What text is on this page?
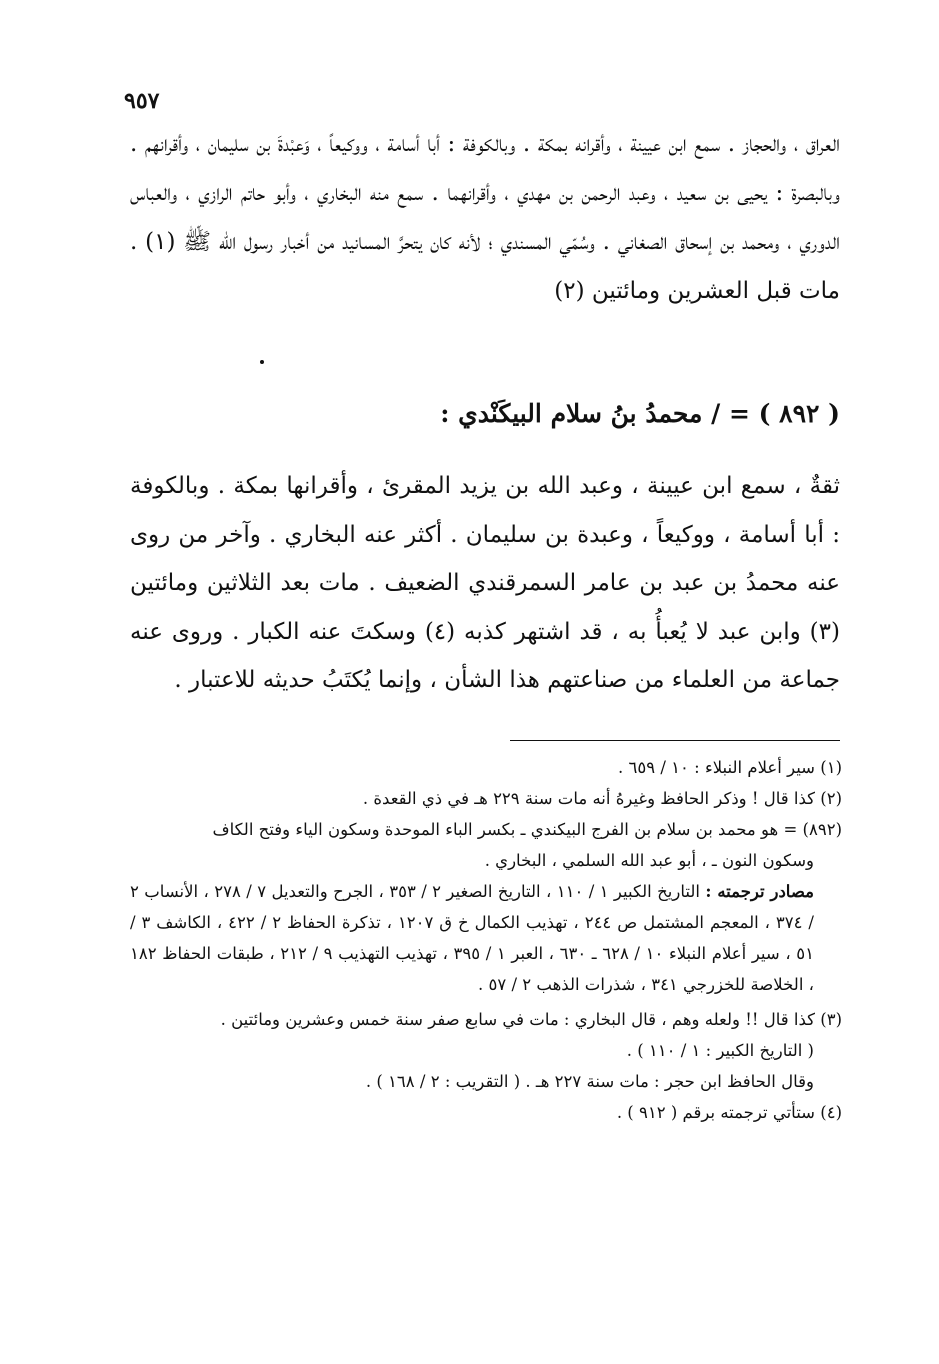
٩٥٧

العراق ، والحجاز . سمع ابن عيينة ، وأقرانه بمكة . وبالكوفة : أبا أسامة ، ووكيعاً ، وَعبْدةَ بن سليمان ، وأقرانهم . وبالبصرة : يحيى بن سعيد ، وعبد الرحمن بن مهدي ، وأقرانهما . سمع منه البخاري ، وأبو حاتم الرازي ، والعباس الدوري ، ومحمد بن إسحاق الصغاني . وسُمّي المسندي ؛ لأنه كان يتحرَّ المسانيد من أخبار رسول الله ﷺ (١) . مات قبل العشرين ومائتين (٢)

( ٨٩٢ ) = / محمدُ بنُ سلام البيكَنْدي :

ثقةٌ ، سمع ابن عيينة ، وعبد الله بن يزيد المقرئ ، وأقرانها بمكة . وبالكوفة : أبا أسامة ، ووكيعاً ، وعبدة بن سليمان . أكثر عنه البخاري . وآخر من روى عنه محمدُ بن عبد بن عامر السمرقندي الضعيف . مات بعد الثلاثين ومائتين (٣) وابن عبد لا يُعبأُ به ، قد اشتهر كذبه (٤) وسكتَ عنه الكبار . وروى عنه جماعة من العلماء من صناعتهم هذا الشأن ، وإنما يُكتَبُ حديثه للاعتبار .

(١) سير أعلام النبلاء : ١٠ / ٦٥٩ .
(٢) كذا قال ! وذكر الحافظ وغيرهُ أنه مات سنة ٢٢٩ هـ في ذي القعدة .
(٨٩٢) = هو محمد بن سلام بن الفرج البيكندي ـ بكسر الباء الموحدة وسكون الياء وفتح الكاف
وسكون النون ـ ، أبو عبد الله السلمي ، البخاري .
مصادر ترجمته : التاريخ الكبير ١ / ١١٠ ، التاريخ الصغير ٢ / ٣٥٣ ، الجرح والتعديل ٧ / ٢٧٨ ، الأنساب ٢ / ٣٧٤ ، المعجم المشتمل ص ٢٤٤ ، تهذيب الكمال خ ق ١٢٠٧ ، تذكرة الحفاظ ٢ / ٤٢٢ ، الكاشف ٣ / ٥١ ، سير أعلام النبلاء ١٠ / ٦٢٨ ـ ٦٣٠ ، العبر ١ / ٣٩٥ ، تهذيب التهذيب ٩ / ٢١٢ ، طبقات الحفاظ ١٨٢ ، الخلاصة للخزرجي ٣٤١ ، شذرات الذهب ٢ / ٥٧ .
(٣) كذا قال !! ولعله وهم ، قال البخاري : مات في سابع صفر سنة خمس وعشرين ومائتين .
( التاريخ الكبير : ١ / ١١٠ ) .
وقال الحافظ ابن حجر : مات سنة ٢٢٧ هـ . ( التقريب : ٢ / ١٦٨ ) .
(٤) ستأتي ترجمته برقم ( ٩١٢ ) .
